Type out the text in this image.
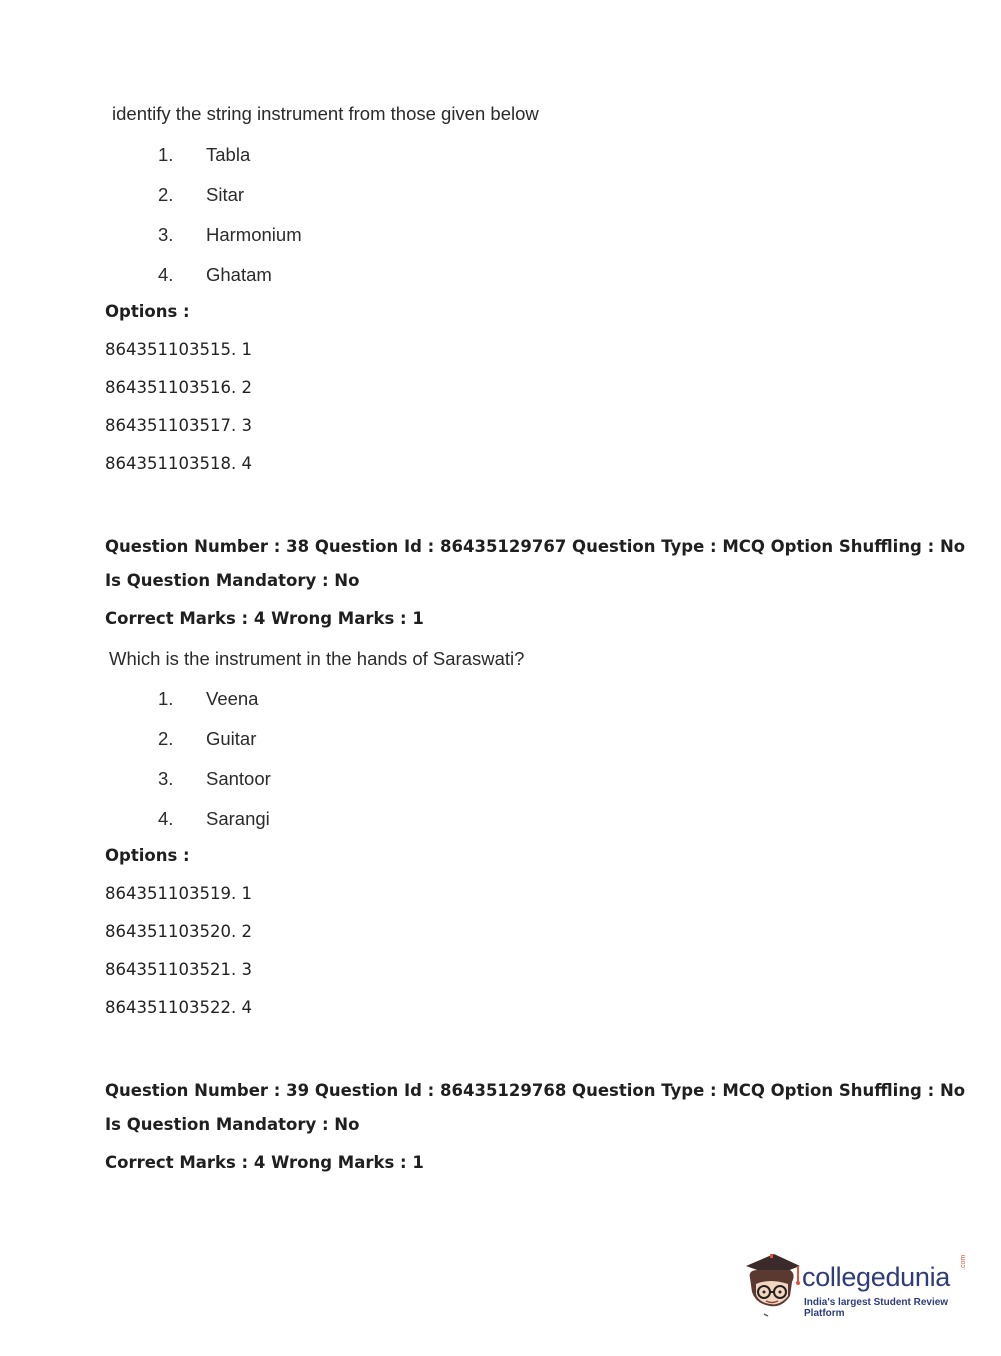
identify the string instrument from those given below
1. Tabla
2. Sitar
3. Harmonium
4. Ghatam
Options :
864351103515. 1
864351103516. 2
864351103517. 3
864351103518. 4
Question Number : 38 Question Id : 86435129767 Question Type : MCQ Option Shuffling : No
Is Question Mandatory : No
Correct Marks : 4 Wrong Marks : 1
Which is the instrument in the hands of Saraswati?
1. Veena
2. Guitar
3. Santoor
4. Sarangi
Options :
864351103519. 1
864351103520. 2
864351103521. 3
864351103522. 4
Question Number : 39 Question Id : 86435129768 Question Type : MCQ Option Shuffling : No
Is Question Mandatory : No
Correct Marks : 4 Wrong Marks : 1
collegedunia .com
India's largest Student Review Platform
